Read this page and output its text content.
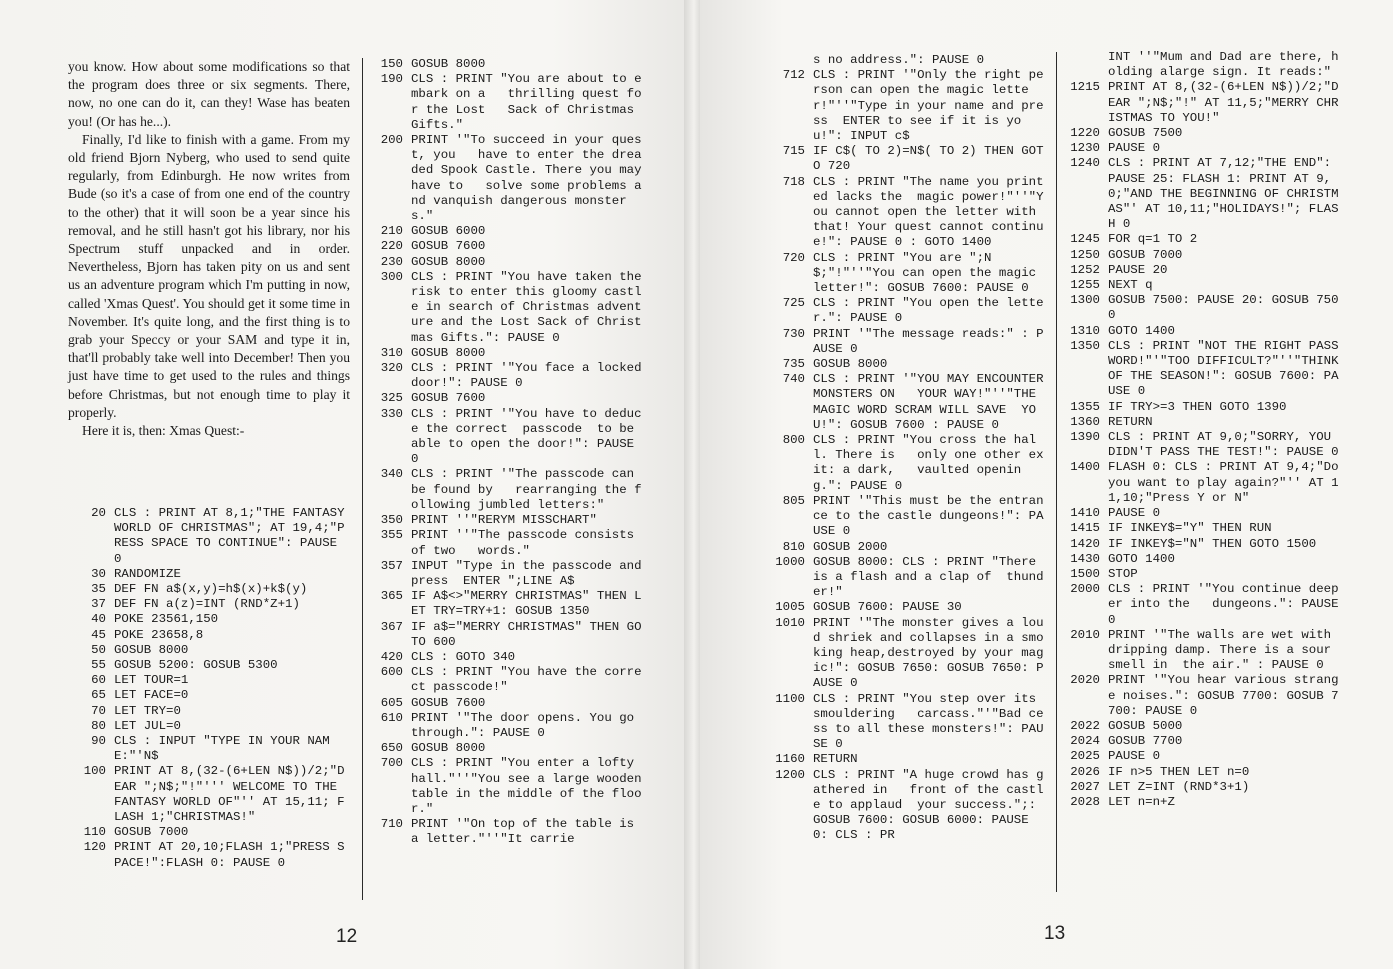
you know. How about some modifications so that the program does three or six segments. There, now, no one can do it, can they! Wase has beaten you! (Or has he...).

Finally, I'd like to finish with a game. From my old friend Bjorn Nyberg, who used to send quite regularly, from Edinburgh. He now writes from Bude (so it's a case of from one end of the country to the other) that it will soon be a year since his removal, and he still hasn't got his library, nor his Spectrum stuff unpacked and in order. Nevertheless, Bjorn has taken pity on us and sent us an adventure program which I'm putting in now, called 'Xmas Quest'. You should get it some time in November. It's quite long, and the first thing is to grab your Speccy or your SAM and type it in, that'll probably take well into December! Then you just have time to get used to the rules and things before Christmas, but not enough time to play it properly.

Here it is, then: Xmas Quest:-

20 CLS : PRINT AT 8,1;"THE FANTASY WORLD OF CHRISTMAS"; AT 19,4;"PRESS SPACE TO CONTINUE": PAUSE 0
30 RANDOMIZE
35 DEF FN a$(x,y)=h$(x)+k$(y)
37 DEF FN a(z)=INT (RND*Z+1)
40 POKE 23561,150
45 POKE 23658,8
50 GOSUB 8000
55 GOSUB 5200: GOSUB 5300
60 LET TOUR=1
65 LET FACE=0
70 LET TRY=0
80 LET JUL=0
90 CLS : INPUT "TYPE IN YOUR NAME:"'N$
100 PRINT AT 8,(32-(6+LEN N$))/2;"DEAR ";N$;"!"''' WELCOME TO THE FANTASY WORLD OF"'' AT 15,11; FLASH 1;"CHRISTMAS!"
110 GOSUB 7000
120 PRINT AT 20,10;FLASH 1;"PRESS SPACE!":FLASH 0: PAUSE 0
150 GOSUB 8000
190 CLS : PRINT "You are about to embark on a   thrilling quest for the Lost   Sack of Christmas Gifts."
200 PRINT '"To succeed in your quest, you   have to enter the dreaded Spook Castle. There you may have to   solve some problems and vanquish dangerous monsters."
210 GOSUB 6000
220 GOSUB 7600
230 GOSUB 8000
300 CLS : PRINT "You have taken the risk to enter this gloomy castle in search of Christmas adventure and the Lost Sack of Christmas Gifts.": PAUSE 0
310 GOSUB 8000
320 CLS : PRINT '"You face a locked door!": PAUSE 0
325 GOSUB 7600
330 CLS : PRINT '"You have to deduce the correct  passcode  to be able to open the door!": PAUSE 0
340 CLS : PRINT '"The passcode can be found by   rearranging the following jumbled letters:"
350 PRINT ''"RERYM MISSCHART"
355 PRINT ''"The passcode consists of two   words."
357 INPUT "Type in the passcode and press  ENTER ";LINE A$
365 IF A$<>"MERRY CHRISTMAS" THEN LET TRY=TRY+1: GOSUB 1350
367 IF a$="MERRY CHRISTMAS" THEN GOTO 600
420 CLS : GOTO 340
600 CLS : PRINT "You have the correct passcode!"
605 GOSUB 7600
610 PRINT '"The door opens. You go through.": PAUSE 0
650 GOSUB 8000
700 CLS : PRINT "You enter a lofty hall."''"You see a large wooden table in the middle of the floor."
710 PRINT '"On top of the table is a letter."''"It carrie
s no address.": PAUSE 0
712 CLS : PRINT '"Only the right person can open the magic letter!"''"Type in your name and press  ENTER to see if it is you!": INPUT c$
715 IF C$( TO 2)=N$( TO 2) THEN GOTO 720
718 CLS : PRINT "The name you printed lacks the  magic power!"''"You cannot open the letter with that! Your quest cannot continue!": PAUSE 0 : GOTO 1400
720 CLS : PRINT "You are ";N$;"!"''"You can open the magic letter!": GOSUB 7600: PAUSE 0
725 CLS : PRINT "You open the letter.": PAUSE 0
730 PRINT '"The message reads:" : PAUSE 0
735 GOSUB 8000
740 CLS : PRINT '"YOU MAY ENCOUNTER MONSTERS ON   YOUR WAY!"''"THE MAGIC WORD SCRAM WILL SAVE  YOU!": GOSUB 7600 : PAUSE 0
800 CLS : PRINT "You cross the hall. There is   only one other exit: a dark,   vaulted opening.": PAUSE 0
805 PRINT '"This must be the entrance to the castle dungeons!": PAUSE 0
810 GOSUB 2000
1000 GOSUB 8000: CLS : PRINT "There is a flash and a clap of  thunder!"
1005 GOSUB 7600: PAUSE 30
1010 PRINT '"The monster gives a loud shriek and collapses in a smoking heap,destroyed by your magic!": GOSUB 7650: GOSUB 7650: PAUSE 0
1100 CLS : PRINT "You step over its smouldering   carcass."'"Bad cess to all these monsters!": PAUSE 0
1160 RETURN
1200 CLS : PRINT "A huge crowd has gathered in   front of the castle to applaud  your success.";: GOSUB 7600: GOSUB 6000: PAUSE 0: CLS : PR
INT ''"Mum and Dad are there, holding alarge sign. It reads:"
1215 PRINT AT 8,(32-(6+LEN N$))/2;"DEAR ";N$;"!" AT 11,5;"MERRY CHRISTMAS TO YOU!"
1220 GOSUB 7500
1230 PAUSE 0
1240 CLS : PRINT AT 7,12;"THE END": PAUSE 25: FLASH 1: PRINT AT 9,0;"AND THE BEGINNING OF CHRISTMAS"' AT 10,11;"HOLIDAYS!"; FLASH 0
1245 FOR q=1 TO 2
1250 GOSUB 7000
1252 PAUSE 20
1255 NEXT q
1300 GOSUB 7500: PAUSE 20: GOSUB 7500
1310 GOTO 1400
1350 CLS : PRINT "NOT THE RIGHT PASSWORD!"'"TOO DIFFICULT?"''"THINK OF THE SEASON!": GOSUB 7600: PAUSE 0
1355 IF TRY>=3 THEN GOTO 1390
1360 RETURN
1390 CLS : PRINT AT 9,0;"SORRY, YOU DIDN'T PASS THE TEST!": PAUSE 0
1400 FLASH 0: CLS : PRINT AT 9,4;"Do you want to play again?"'' AT 11,10;"Press Y or N"
1410 PAUSE 0
1415 IF INKEY$="Y" THEN RUN
1420 IF INKEY$="N" THEN GOTO 1500
1430 GOTO 1400
1500 STOP
2000 CLS : PRINT '"You continue deeper into the   dungeons.": PAUSE 0
2010 PRINT '"The walls are wet with dripping damp. There is a sour smell in  the air." : PAUSE 0
2020 PRINT '"You hear various strange noises.": GOSUB 7700: GOSUB 7700: PAUSE 0
2022 GOSUB 5000
2024 GOSUB 7700
2025 PAUSE 0
2026 IF n>5 THEN LET n=0
2027 LET Z=INT (RND*3+1)
2028 LET n=n+Z
12	13
